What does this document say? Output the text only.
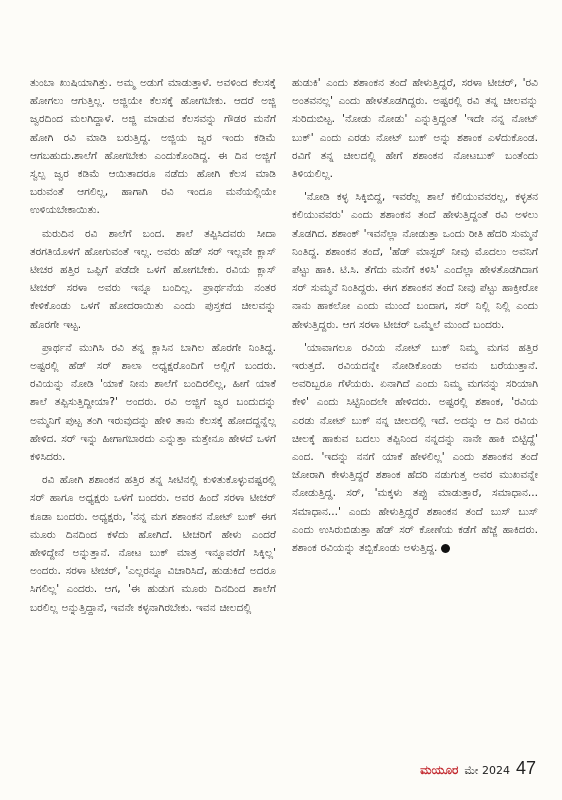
ತುಂಬಾ ಖುಷಿಯಾಗಿತ್ತು. ಅಮ್ಮ ಅಡುಗೆ ಮಾಡುತ್ತಾಳೆ. ಅವಳಿಂದ ಕೆಲಸಕ್ಕೆ ಹೋಗಲು ಆಗುತ್ತಿಲ್ಲ. ಅಜ್ಜಿಯೇ ಕೆಲಸಕ್ಕೆ ಹೋಗಬೇಕು. ಆದರೆ ಅಜ್ಜಿ ಜ್ವರದಿಂದ ಮಲಗಿದ್ದಾಳೆ. ಅಜ್ಜಿ ಮಾಡುವ ಕೆಲಸವನ್ನು ಗೌಡರ ಮನೆಗೆ ಹೋಗಿ ರವಿ ಮಾಡಿ ಬರುತ್ತಿದ್ದ. ಅಜ್ಜಿಯ ಜ್ವರ ಇಂದು ಕಡಿಮೆ ಆಗಬಹುದು.ಶಾಲೆಗೆ ಹೋಗಬೇಕು ಎಂದುಕೊಂಡಿದ್ದ. ಈ ದಿನ ಅಜ್ಜಿಗೆ ಸ್ವಲ್ಪ ಜ್ವರ ಕಡಿಮೆ ಆಯಿತಾದರೂ ನಡೆದು ಹೋಗಿ ಕೆಲಸ ಮಾಡಿ ಬರುವಂತೆ ಆಗಲಿಲ್ಲ, ಹಾಗಾಗಿ ರವಿ ಇಂದೂ ಮನೆಯಲ್ಲಿಯೇ ಉಳಿಯಬೇಕಾಯಿತು.

ಮರುದಿನ ರವಿ ಶಾಲೆಗೆ ಬಂದ. ಶಾಲೆ ತಪ್ಪಿಸಿದವರು ಸೀದಾ ತರಗತಿಯೊಳಗೆ ಹೋಗುವಂತೆ ಇಲ್ಲ. ಅವರು ಹೆಡ್ ಸರ್ ಇಲ್ಲವೇ ಕ್ಲಾಸ್ ಟೀಚರ ಹತ್ತಿರ ಒಪ್ಪಿಗೆ ಪಡೆದೇ ಒಳಗೆ ಹೋಗಬೇಕು. ರವಿಯ ಕ್ಲಾಸ್ ಟೀಚರ್ ಸರಳಾ ಅವರು ಇನ್ನೂ ಬಂದಿಲ್ಲ. ಪ್ರಾರ್ಥನೆಯ ನಂತರ ಕೇಳಿಕೊಂಡು ಒಳಗೆ ಹೋದರಾಯಿತು ಎಂದು ಪುಸ್ತಕದ ಚೀಲವನ್ನು ಹೊರಗೇ ಇಟ್ಟ.

ಪ್ರಾರ್ಥನೆ ಮುಗಿಸಿ ರವಿ ತನ್ನ ಕ್ಲಾಸಿನ ಬಾಗಿಲ ಹೊರಗೇ ನಿಂತಿದ್ದ. ಅಷ್ಟರಲ್ಲಿ ಹೆಡ್ ಸರ್ ಶಾಲಾ ಅಧ್ಯಕ್ಷರೊಂದಿಗೆ ಅಲ್ಲಿಗೆ ಬಂದರು. ರವಿಯನ್ನು ನೋಡಿ 'ಯಾಕೆ ನೀನು ಶಾಲೆಗೆ ಬಂದಿರಲಿಲ್ಲ, ಹೀಗೆ ಯಾಕೆ ಶಾಲೆ ತಪ್ಪಿಸುತ್ತಿದ್ದೀಯಾ?' ಅಂದರು. ರವಿ ಅಜ್ಜಿಗೆ ಜ್ವರ ಬಂದುದನ್ನು ಅಮ್ಮನಿಗೆ ಪುಟ್ಟ ತಂಗಿ ಇರುವುದನ್ನು ಹೇಳಿ ತಾನು ಕೆಲಸಕ್ಕೆ ಹೋದದ್ದನ್ನೆಲ್ಲ ಹೇಳಿದ. ಸರ್ ಇನ್ನು ಹೀಗಾಗಬಾರದು ಎನ್ನುತ್ತಾ ಮತ್ತೇನೂ ಹೇಳದೆ ಒಳಗೆ ಕಳಿಸಿದರು.

ರವಿ ಹೋಗಿ ಶಶಾಂಕನ ಹತ್ತಿರ ತನ್ನ ಸೀಟಿನಲ್ಲಿ ಕುಳಿತುಕೊಳ್ಳುವಷ್ಟರಲ್ಲಿ ಸರ್ ಹಾಗೂ ಅಧ್ಯಕ್ಷರು ಒಳಗೆ ಬಂದರು. ಅವರ ಹಿಂದೆ ಸರಳಾ ಟೀಚರ್ ಕೂಡಾ ಬಂದರು. ಅಧ್ಯಕ್ಷರು, 'ನನ್ನ ಮಗ ಶಶಾಂಕನ ನೋಟ್ ಬುಕ್ ಈಗ ಮೂರು ದಿನದಿಂದ ಕಳೆದು ಹೋಗಿದೆ. ಟೀಚರಿಗೆ ಹೇಳು ಎಂದರೆ ಹೇಳಿದ್ದೇನೆ ಅನ್ನುತ್ತಾನೆ. ನೋಟ ಬುಕ್ ಮಾತ್ರ ಇನ್ನೂವರೆಗೆ ಸಿಕ್ಕಿಲ್ಲ' ಅಂದರು. ಸರಳಾ ಟೀಚರ್, 'ಎಲ್ಲರನ್ನೂ ವಿಚಾರಿಸಿದೆ, ಹುಡುಕಿದೆ ಅದರೂ ಸಿಗಲಿಲ್ಲ' ಎಂದರು. ಆಗ, 'ಈ ಹುಡುಗ ಮೂರು ದಿನದಿಂದ ಶಾಲೆಗೆ ಬರಲಿಲ್ಲ ಅನ್ನುತ್ತಿದ್ದಾನೆ, ಇವನೇ ಕಳ್ಳನಾಗಿರಬೇಕು. ಇವನ ಚೀಲದಲ್ಲಿ

ಹುಡುಕಿ' ಎಂದು ಶಶಾಂಕನ ತಂದೆ ಹೇಳುತ್ತಿದ್ದರೆ, ಸರಳಾ ಟೀಚರ್, 'ರವಿ ಅಂತವನಲ್ಲ' ಎಂದು ಹೇಳತೊಡಗಿದ್ದರು. ಅಷ್ಟರಲ್ಲಿ ರವಿ ತನ್ನ ಚೀಲವನ್ನು ಸುರಿದುಬಿಟ್ಟ. 'ನೋಡು ನೋಡು' ಎನ್ನುತ್ತಿದ್ದಂತೆ 'ಇದೇ ನನ್ನ ನೋಟ್ ಬುಕ್' ಎಂದು ಎರಡು ನೋಟ್ ಬುಕ್ ಅನ್ನು ಶಶಾಂಕ ಎಳೆದುಕೊಂಡ. ರವಿಗೆ ತನ್ನ ಚೀಲದಲ್ಲಿ ಹೇಗೆ ಶಶಾಂಕನ ನೋಟಬುಕ್ ಬಂತೆಂದು ತಿಳಿಯಲಿಲ್ಲ.

'ನೋಡಿ ಕಳ್ಳ ಸಿಕ್ಕಿಬಿದ್ದ, ಇವರೆಲ್ಲ ಶಾಲೆ ಕಲಿಯುವವರಲ್ಲ, ಕಳ್ಳತನ ಕಲಿಯುವವರು' ಎಂದು ಶಶಾಂಕನ ತಂದೆ ಹೇಳುತ್ತಿದ್ದಂತೆ ರವಿ ಅಳಲು ತೊಡಗಿದ. ಶಶಾಂಕ್ 'ಇವನೆಲ್ಲಾ ನೋಡುತ್ತಾ ಒಂದು ರೀತಿ ಹೆದರಿ ಸುಮ್ಮನೆ ನಿಂತಿದ್ದ. ಶಶಾಂಕನ ತಂದೆ, 'ಹೆಡ್ ಮಾಸ್ಟರ್ ನೀವು ಮೊದಲು ಅವನಿಗೆ ಪೆಟ್ಟು ಹಾಕಿ. ಟಿ.ಸಿ. ತೆಗೆದು ಮನೆಗೆ ಕಳಿಸಿ' ಎಂದೆಲ್ಲಾ ಹೇಳತೊಡಗಿದಾಗ ಸರ್ ಸುಮ್ಮನೆ ನಿಂತಿದ್ದರು. ಈಗ ಶಶಾಂಕನ ತಂದೆ ನೀವು ಪೆಟ್ಟು ಹಾಕ್ತೀರೋ ನಾನು ಹಾಕಲೋ ಎಂದು ಮುಂದೆ ಬಂದಾಗ, ಸರ್ ನಿಲ್ಲಿ ನಿಲ್ಲಿ ಎಂದು ಹೇಳುತ್ತಿದ್ದರು. ಆಗ ಸರಳಾ ಟೀಚರ್ ಒಮ್ಮೆಲೆ ಮುಂದೆ ಬಂದರು.

'ಯಾವಾಗಲೂ ರವಿಯ ನೋಟ್ ಬುಕ್ ನಿಮ್ಮ ಮಗನ ಹತ್ತಿರ ಇರುತ್ತದೆ. ರವಿಯದನ್ನೇ ನೋಡಿಕೊಂಡು ಅವನು ಬರೆಯುತ್ತಾನೆ. ಅವರಿಬ್ಬರೂ ಗೆಳೆಯರು. ಏನಾಗಿದೆ ಎಂದು ನಿಮ್ಮ ಮಗನನ್ನು ಸರಿಯಾಗಿ ಕೇಳಿ' ಎಂದು ಸಿಟ್ಟಿನಿಂದಲೇ ಹೇಳಿದರು. ಅಷ್ಟರಲ್ಲಿ ಶಶಾಂಕ, 'ರವಿಯ ಎರಡು ನೋಟ್ ಬುಕ್ ನನ್ನ ಚೀಲದಲ್ಲಿ ಇದೆ. ಅದನ್ನು ಆ ದಿನ ರವಿಯ ಚೀಲಕ್ಕೆ ಹಾಕುವ ಬದಲು ತಪ್ಪಿನಿಂದ ನನ್ನದನ್ನು ನಾನೇ ಹಾಕಿ ಬಿಟ್ಟಿದ್ದೆ' ಎಂದ. 'ಇದನ್ನು ನನಗೆ ಯಾಕೆ ಹೇಳಲಿಲ್ಲ' ಎಂದು ಶಶಾಂಕನ ತಂದೆ ಜೋರಾಗಿ ಕೇಳುತ್ತಿದ್ದರೆ ಶಶಾಂಕ ಹೆದರಿ ನಡುಗುತ್ತ ಅವರ ಮುಖವನ್ನೇ ನೋಡುತ್ತಿದ್ದ. ಸರ್, 'ಮಕ್ಕಳು ತಪ್ಪು ಮಾಡುತ್ತಾರೆ, ಸಮಾಧಾನ... ಸಮಾಧಾನ...' ಎಂದು ಹೇಳುತ್ತಿದ್ದರೆ ಶಶಾಂಕನ ತಂದೆ ಬುಸ್ ಬುಸ್ ಎಂದು ಉಸಿರುಬಿಡುತ್ತಾ ಹೆಡ್ ಸರ್ ಕೋಣೆಯ ಕಡೆಗೆ ಹೆಜ್ಜೆ ಹಾಕಿದರು. ಶಶಾಂಕ ರವಿಯನ್ನು ತಬ್ಬಿಕೊಂಡು ಅಳುತ್ತಿದ್ದ.

ಮಯೂರ ಮೇ 2024 47
